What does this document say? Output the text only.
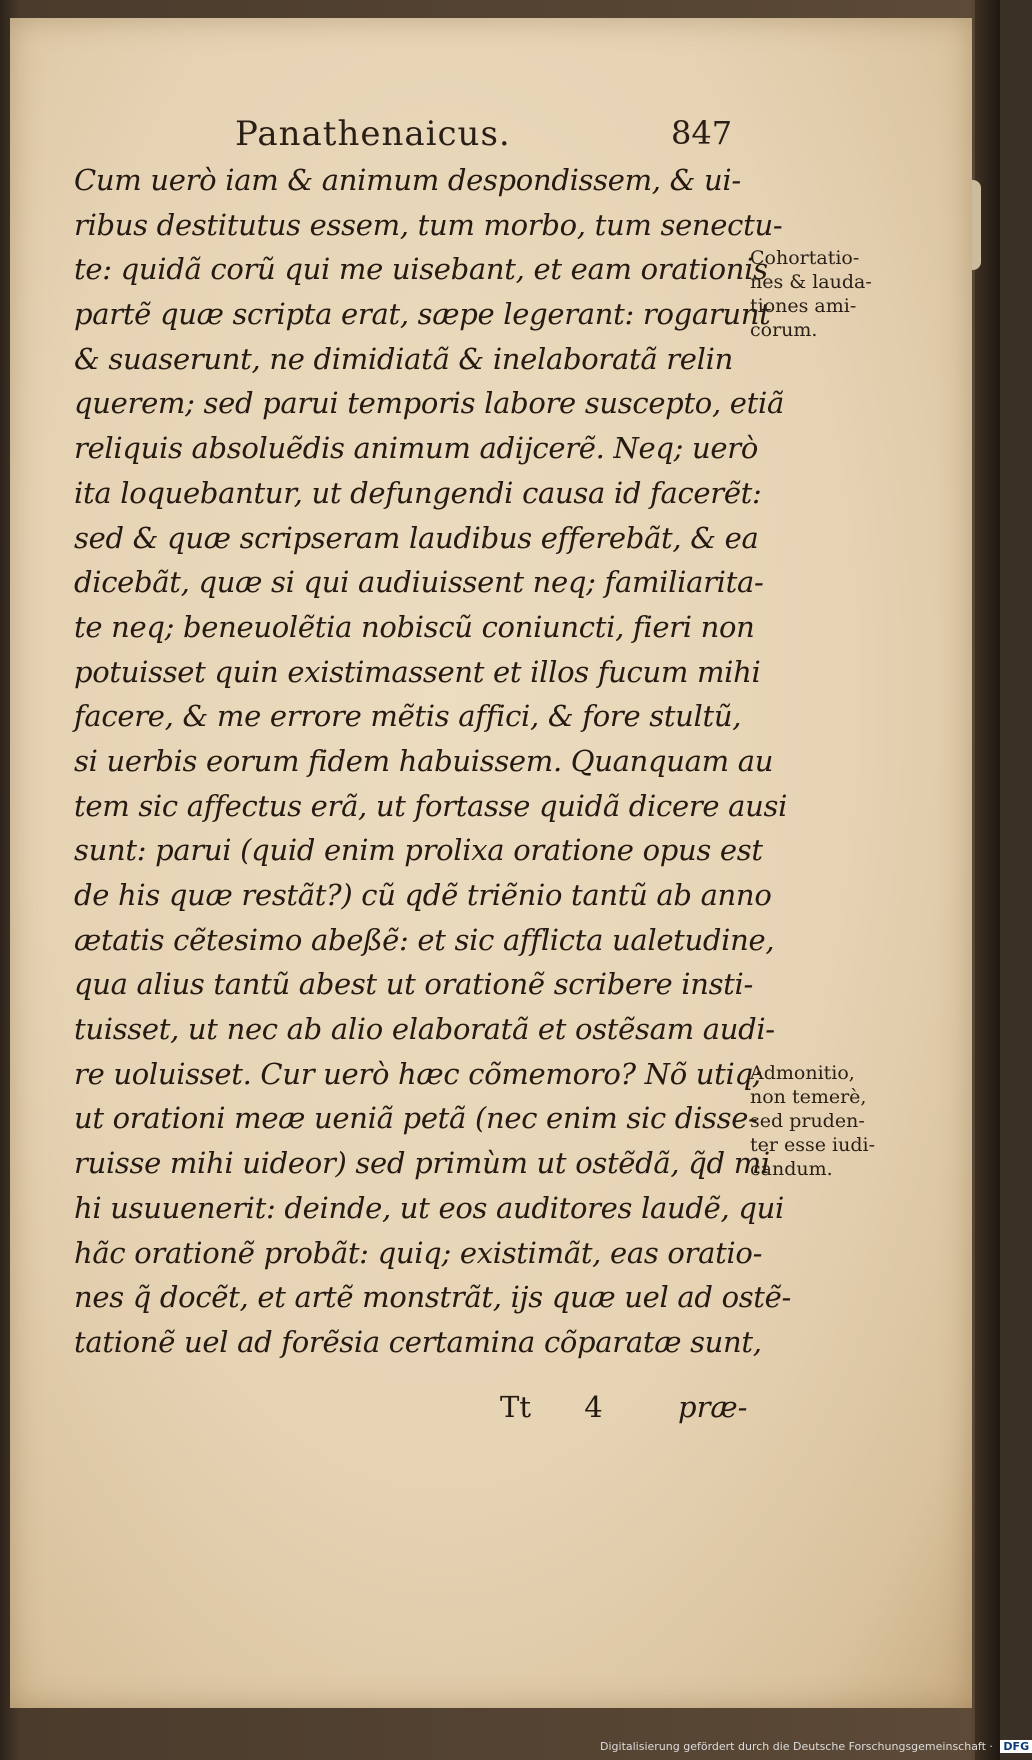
Panathenaicus.	847
Cum uerò iam & animum despondissem, & ui-
ribus destitutus essem, tum morbo, tum senectu-
te: quidã corũ qui me uisebant, et eam orationis
partẽ quæ scripta erat, sæpe legerant: rogarunt
& suaserunt, ne dimidiatã & inelaboratã relin
querem; sed parui temporis labore suscepto, etiã
reliquis absoluẽdis animum adijcerẽ. Neq; uerò
ita loquebantur, ut defungendi causa id facerẽt:
sed & quæ scripseram laudibus efferebãt, & ea
dicebãt, quæ si qui audiuissent neq; familiarita-
te neq; beneuolẽtia nobiscũ coniuncti, fieri non
potuisset quin existimassent et illos fucum mihi
facere, & me errore mẽtis affici, & fore stultũ,
si uerbis eorum fidem habuissem. Quanquam au
tem sic affectus erã, ut fortasse quidã dicere ausi
sunt: parui (quid enim prolixa oratione opus est
de his quæ restãt?) cũ qdẽ triẽnio tantũ ab anno
ætatis cẽtesimo abeßẽ: et sic afflicta ualetudine,
qua alius tantũ abest ut orationẽ scribere insti-
tuisset, ut nec ab alio elaboratã et ostẽsam audi-
re uoluisset. Cur uerò hæc cõmemoro? Nõ utiq;
ut orationi meæ ueniã petã (nec enim sic disse-
ruisse mihi uideor) sed primùm ut ostẽdã, q̃d mi
hi usuuenerit: deinde, ut eos auditores laudẽ, qui
hãc orationẽ probãt: quiq; existimãt, eas oratio-
nes q̃ docẽt, et artẽ monstrãt, ijs quæ uel ad ostẽ-
tationẽ uel ad forẽsia certamina cõparatæ sunt,
Cohortatio-
nes & lauda-
tiones ami-
corum.
Admonitio,
non temerè,
sed pruden-
ter esse iudi-
candum.
Tt 4	præ-
Digitalisierung gefördert durch die Deutsche Forschungsgemeinschaft · DFG
